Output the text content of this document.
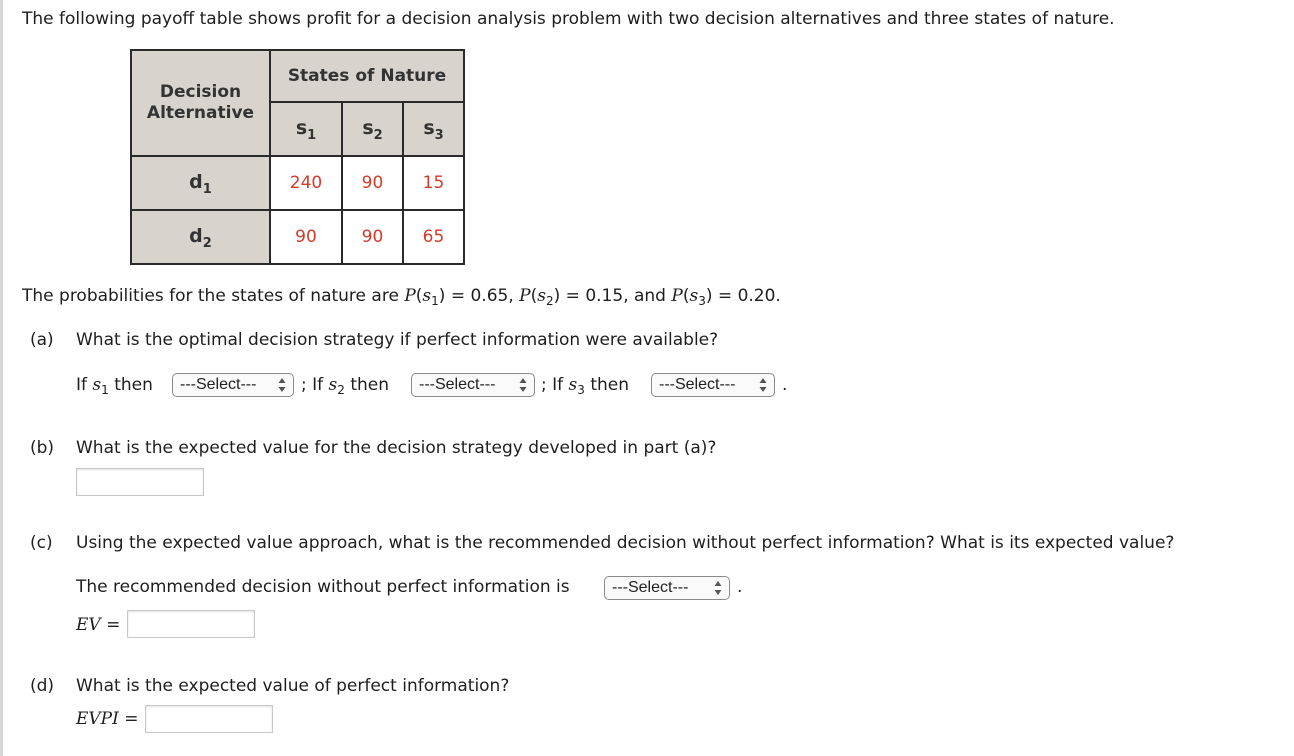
The following payoff table shows profit for a decision analysis problem with two decision alternatives and three states of nature.
Decision
Alternative	States of Nature		
	$s_1$	$s_2$	$s_3$
$d_1$	240	90	15
$d_2$	90	90	65
The probabilities for the states of nature are $P(s_1) = 0.65$, $P(s_2) = 0.15$, and $P(s_3) = 0.20$.
(a) What is the optimal decision strategy if perfect information were available?
If $s_1$ then	---Select---	; If $s_2$ then	---Select---	; If $s_3$ then	---Select---	.
(b) What is the expected value for the decision strategy developed in part (a)?
(c) Using the expected value approach, what is the recommended decision without perfect information? What is its expected value?
The recommended decision without perfect information is	---Select---	.
EV =
(d) What is the expected value of perfect information?
EVPI =
